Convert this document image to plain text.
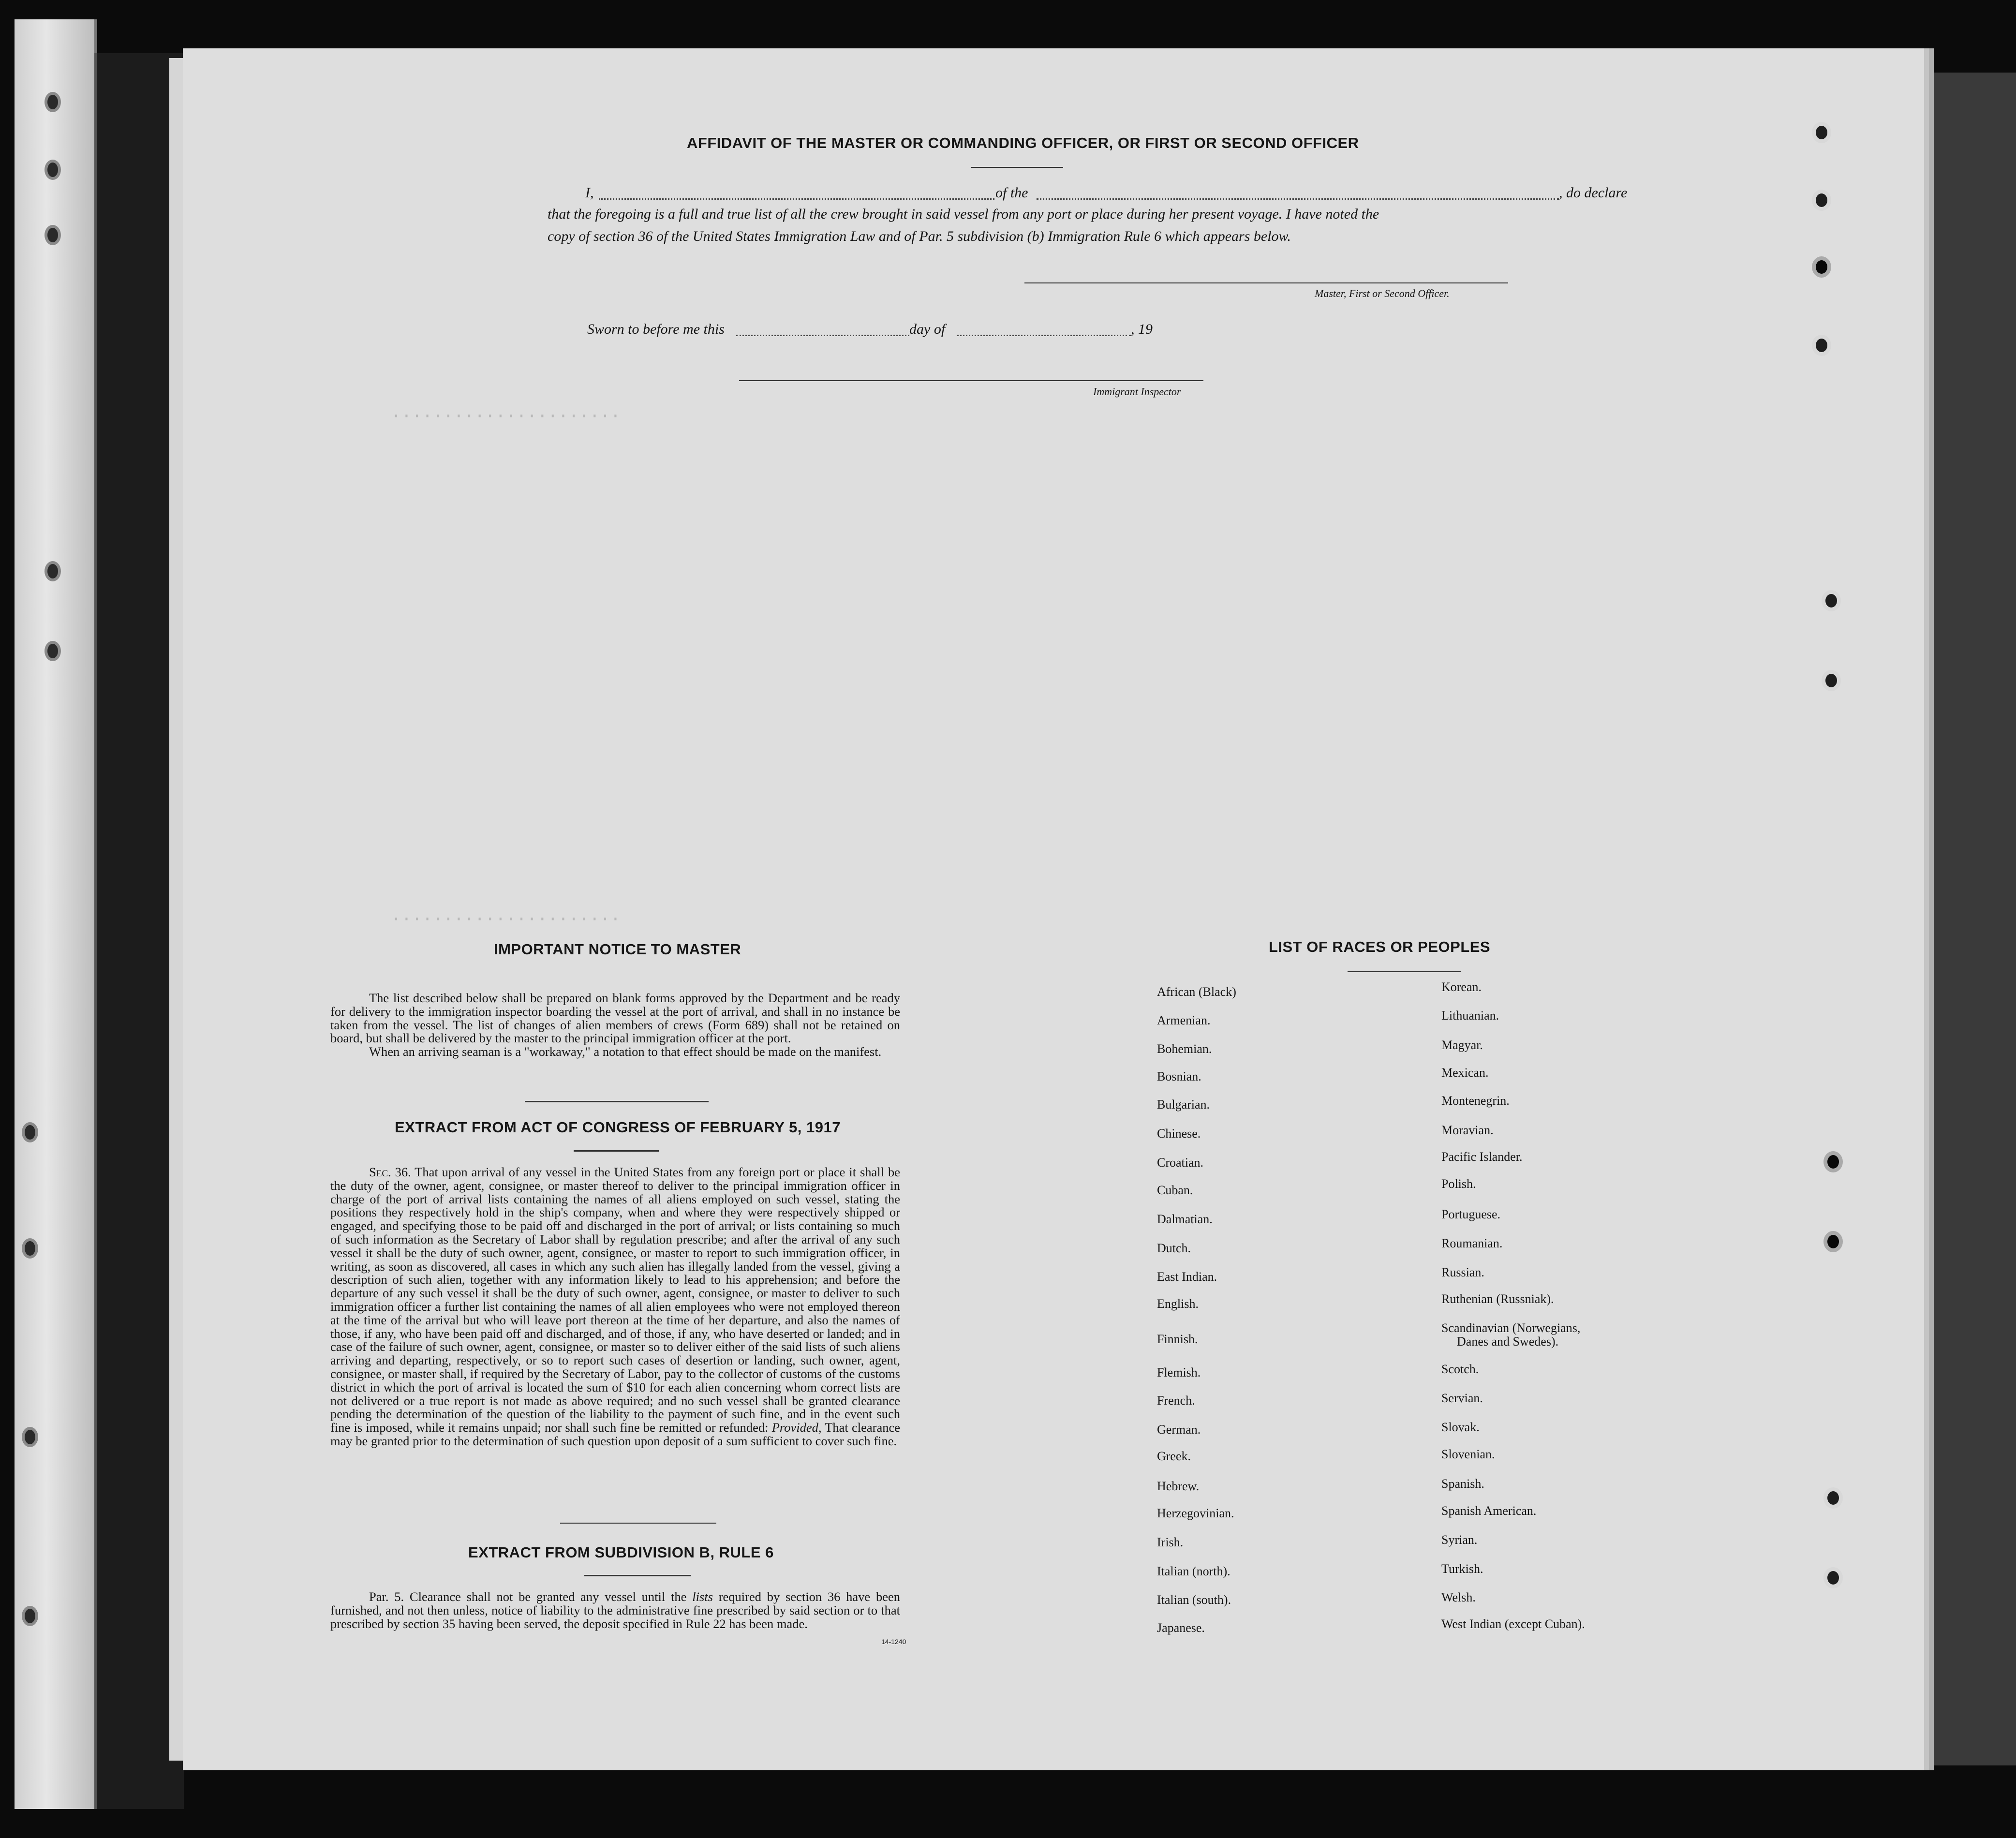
······················
······················
AFFIDAVIT OF THE MASTER OR COMMANDING OFFICER, OR FIRST OR SECOND OFFICER
I,	of the	, do declare
that the foregoing is a full and true list of all the crew brought in said vessel from any port or place during her present voyage. I have noted the
copy of section 36 of the United States Immigration Law and of Par. 5 subdivision (b) Immigration Rule 6 which appears below.
Master, First or Second Officer.
Sworn to before me this	day of	, 19
Immigrant Inspector
IMPORTANT NOTICE TO MASTER

The list described below shall be prepared on blank forms approved by the Department and be ready for delivery to the immigration inspector boarding the vessel at the port of arrival, and shall in no instance be taken from the vessel. The list of changes of alien members of crews (Form 689) shall not be retained on board, but shall be delivered by the master to the principal immigration officer at the port.

When an arriving seaman is a "workaway," a notation to that effect should be made on the manifest.

EXTRACT FROM ACT OF CONGRESS OF FEBRUARY 5, 1917

Sec. 36. That upon arrival of any vessel in the United States from any foreign port or place it shall be the duty of the owner, agent, consignee, or master thereof to deliver to the principal immigration officer in charge of the port of arrival lists containing the names of all aliens employed on such vessel, stating the positions they respectively hold in the ship's company, when and where they were respectively shipped or engaged, and specifying those to be paid off and discharged in the port of arrival; or lists containing so much of such information as the Secretary of Labor shall by regulation prescribe; and after the arrival of any such vessel it shall be the duty of such owner, agent, consignee, or master to report to such immigration officer, in writing, as soon as discovered, all cases in which any such alien has illegally landed from the vessel, giving a description of such alien, together with any information likely to lead to his apprehension; and before the departure of any such vessel it shall be the duty of such owner, agent, consignee, or master to deliver to such immigration officer a further list containing the names of all alien employees who were not employed thereon at the time of the arrival but who will leave port thereon at the time of her departure, and also the names of those, if any, who have been paid off and discharged, and of those, if any, who have deserted or landed; and in case of the failure of such owner, agent, consignee, or master so to deliver either of the said lists of such aliens arriving and departing, respectively, or so to report such cases of desertion or landing, such owner, agent, consignee, or master shall, if required by the Secretary of Labor, pay to the collector of customs of the customs district in which the port of arrival is located the sum of $10 for each alien concerning whom correct lists are not delivered or a true report is not made as above required; and no such vessel shall be granted clearance pending the determination of the question of the liability to the payment of such fine, and in the event such fine is imposed, while it remains unpaid; nor shall such fine be remitted or refunded: Provided, That clearance may be granted prior to the determination of such question upon deposit of a sum sufficient to cover such fine.

EXTRACT FROM SUBDIVISION B, RULE 6

Par. 5. Clearance shall not be granted any vessel until the lists required by section 36 have been furnished, and not then unless, notice of liability to the administrative fine prescribed by said section or to that prescribed by section 35 having been served, the deposit specified in Rule 22 has been made.

14-1240
LIST OF RACES OR PEOPLES
African (Black)
Armenian.
Bohemian.
Bosnian.
Bulgarian.
Chinese.
Croatian.
Cuban.
Dalmatian.
Dutch.
East Indian.
English.
Finnish.
Flemish.
French.
German.
Greek.
Hebrew.
Herzegovinian.
Irish.
Italian (north).
Italian (south).
Japanese.
Korean.
Lithuanian.
Magyar.
Mexican.
Montenegrin.
Moravian.
Pacific Islander.
Polish.
Portuguese.
Roumanian.
Russian.
Ruthenian (Russniak).
Scandinavian (Norwegians,
Danes and Swedes).
Scotch.
Servian.
Slovak.
Slovenian.
Spanish.
Spanish American.
Syrian.
Turkish.
Welsh.
West Indian (except Cuban).
